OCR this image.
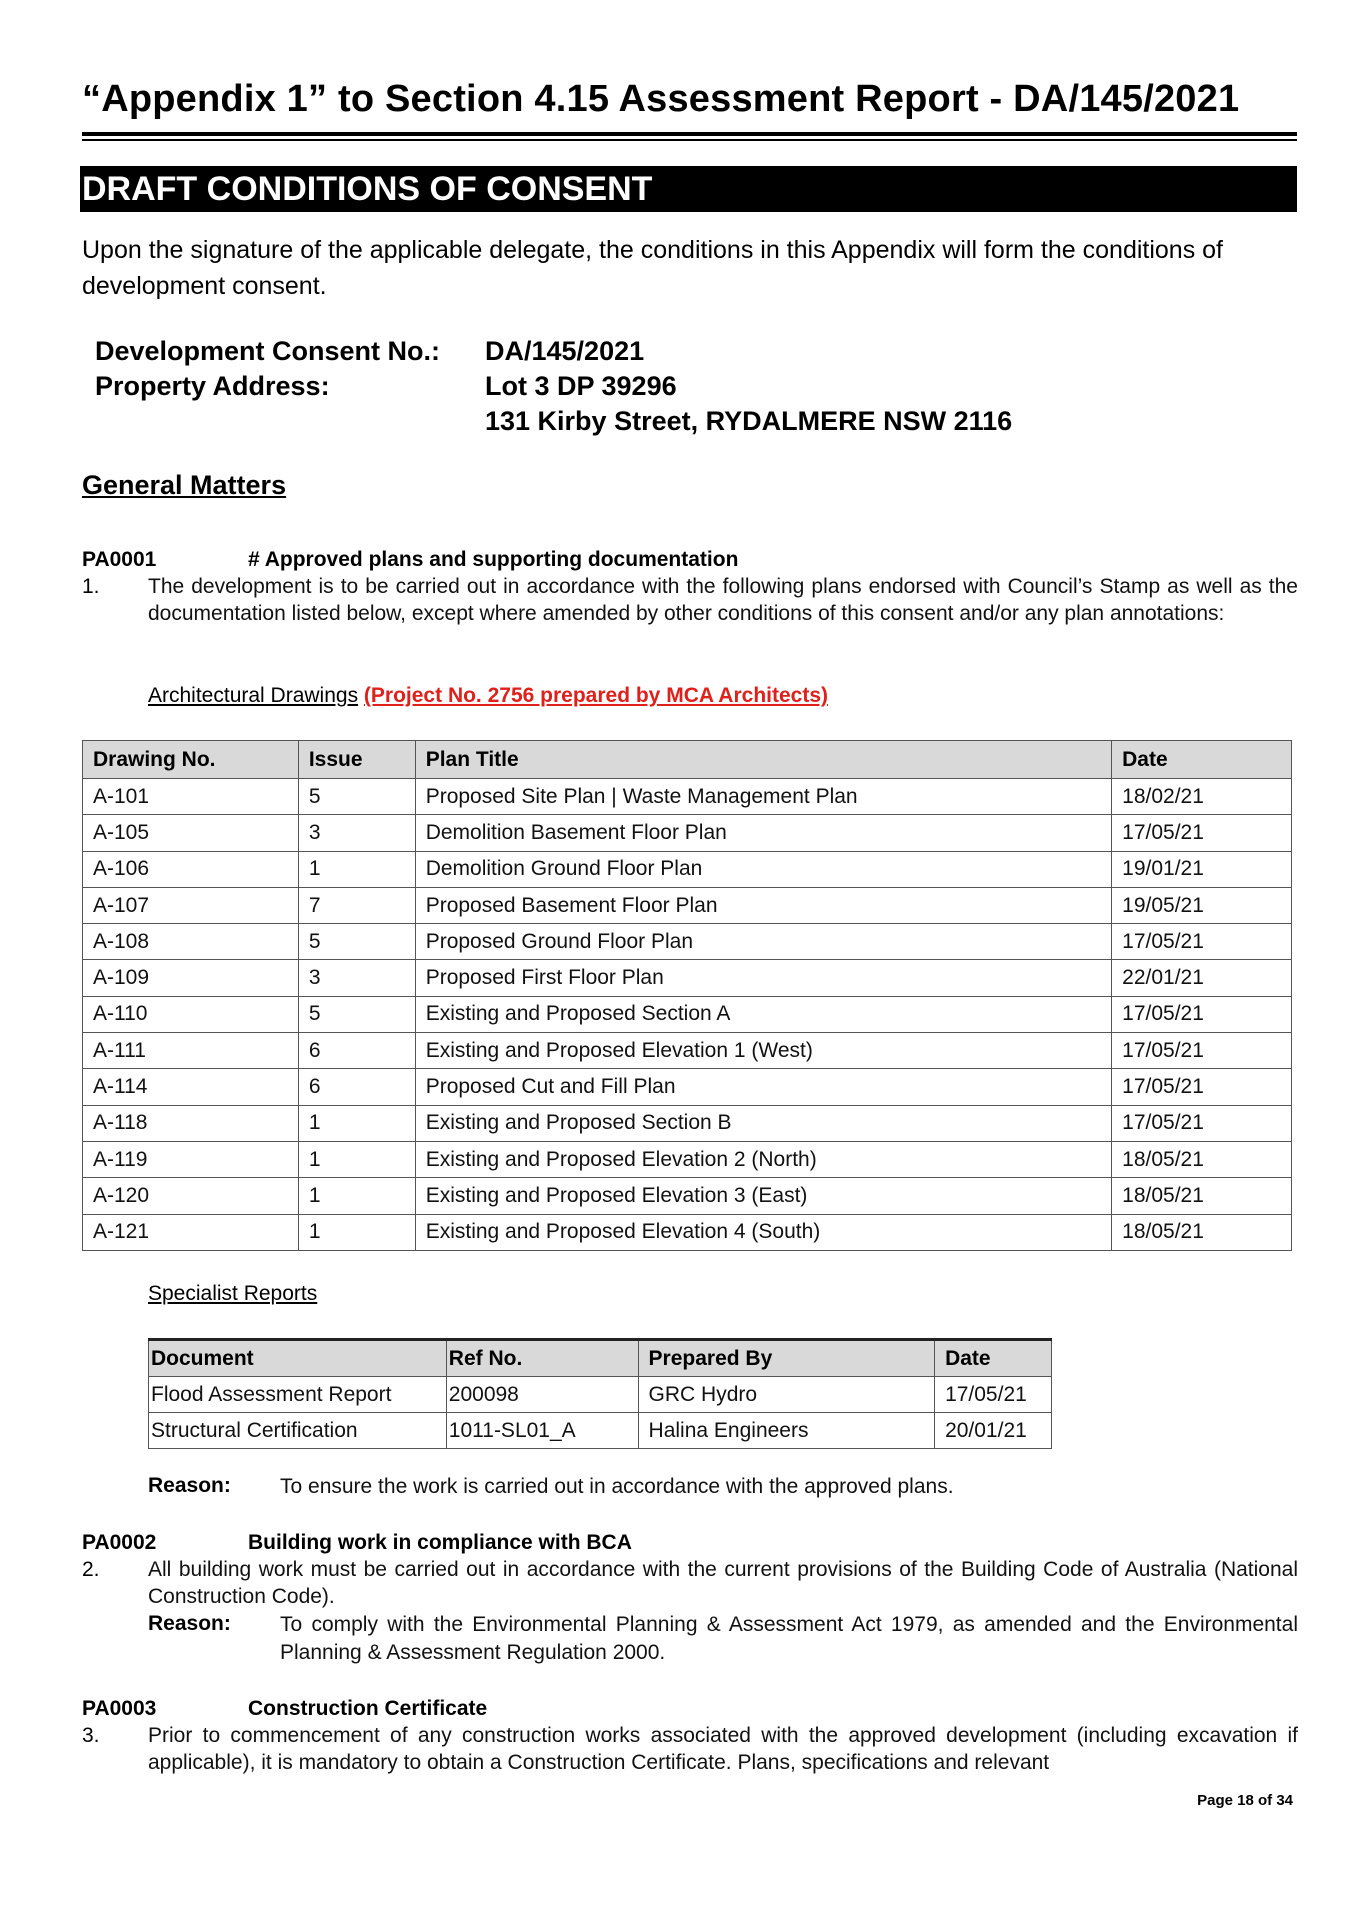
“Appendix 1” to Section 4.15 Assessment Report - DA/145/2021
DRAFT CONDITIONS OF CONSENT
Upon the signature of the applicable delegate, the conditions in this Appendix will form the conditions of development consent.
Development Consent No.: DA/145/2021
Property Address:	Lot 3 DP 39296
131 Kirby Street, RYDALMERE NSW 2116
General Matters
PA0001	# Approved plans and supporting documentation
1. The development is to be carried out in accordance with the following plans endorsed with Council’s Stamp as well as the documentation listed below, except where amended by other conditions of this consent and/or any plan annotations:
Architectural Drawings (Project No. 2756 prepared by MCA Architects)
Drawing No.	Issue	Plan Title	Date
A-101	5	Proposed Site Plan | Waste Management Plan	18/02/21
A-105	3	Demolition Basement Floor Plan	17/05/21
A-106	1	Demolition Ground Floor Plan	19/01/21
A-107	7	Proposed Basement Floor Plan	19/05/21
A-108	5	Proposed Ground Floor Plan	17/05/21
A-109	3	Proposed First Floor Plan	22/01/21
A-110	5	Existing and Proposed Section A	17/05/21
A-111	6	Existing and Proposed Elevation 1 (West)	17/05/21
A-114	6	Proposed Cut and Fill Plan	17/05/21
A-118	1	Existing and Proposed Section B	17/05/21
A-119	1	Existing and Proposed Elevation 2 (North)	18/05/21
A-120	1	Existing and Proposed Elevation 3 (East)	18/05/21
A-121	1	Existing and Proposed Elevation 4 (South)	18/05/21
Specialist Reports
Document	Ref No.	Prepared By	Date
Flood Assessment Report	200098	GRC Hydro	17/05/21
Structural Certification	1011-SL01_A	Halina Engineers	20/01/21
Reason: To ensure the work is carried out in accordance with the approved plans.
PA0002	Building work in compliance with BCA
2. All building work must be carried out in accordance with the current provisions of the Building Code of Australia (National Construction Code).
Reason: To comply with the Environmental Planning & Assessment Act 1979, as amended and the Environmental Planning & Assessment Regulation 2000.
PA0003	Construction Certificate
3. Prior to commencement of any construction works associated with the approved development (including excavation if applicable), it is mandatory to obtain a Construction Certificate. Plans, specifications and relevant
Page 18 of 34
